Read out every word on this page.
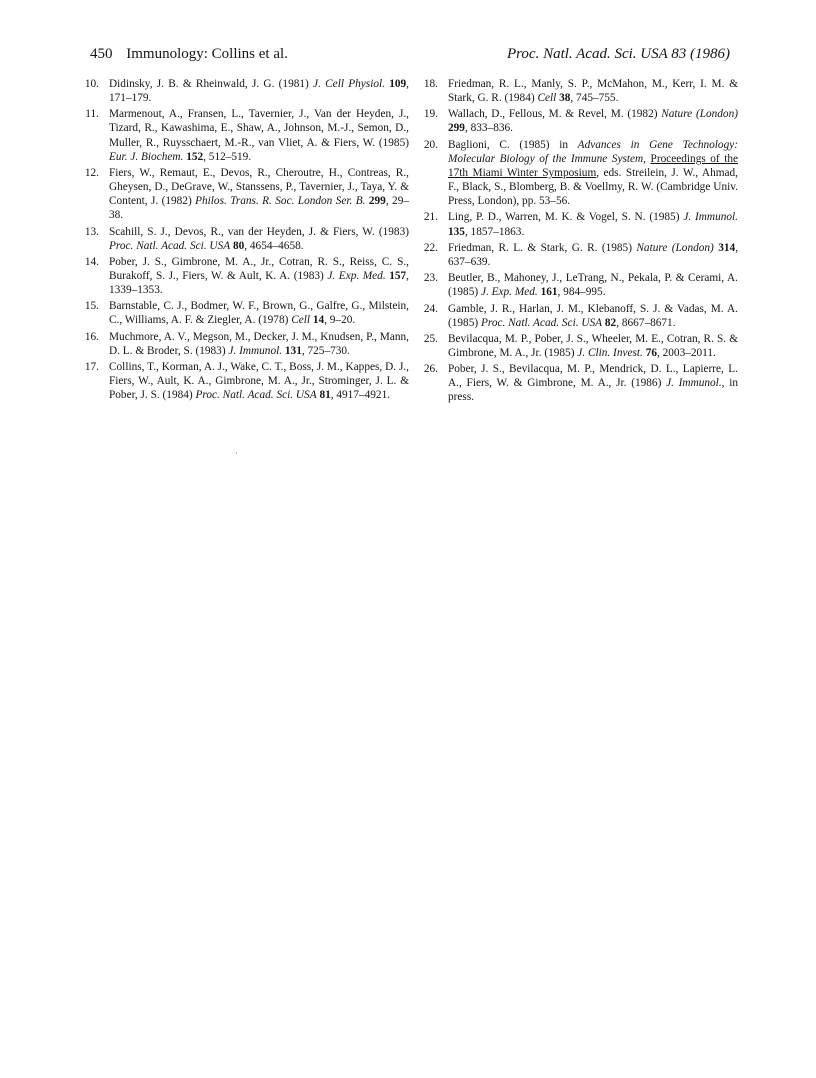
450 Immunology: Collins et al.	Proc. Natl. Acad. Sci. USA 83 (1986)
10. Didinsky, J. B. & Rheinwald, J. G. (1981) J. Cell Physiol. 109, 171–179.
11. Marmenout, A., Fransen, L., Tavernier, J., Van der Heyden, J., Tizard, R., Kawashima, E., Shaw, A., Johnson, M.-J., Semon, D., Muller, R., Ruysschaert, M.-R., van Vliet, A. & Fiers, W. (1985) Eur. J. Biochem. 152, 512–519.
12. Fiers, W., Remaut, E., Devos, R., Cheroutre, H., Contreas, R., Gheysen, D., DeGrave, W., Stanssens, P., Tavernier, J., Taya, Y. & Content, J. (1982) Philos. Trans. R. Soc. London Ser. B. 299, 29–38.
13. Scahill, S. J., Devos, R., van der Heyden, J. & Fiers, W. (1983) Proc. Natl. Acad. Sci. USA 80, 4654–4658.
14. Pober, J. S., Gimbrone, M. A., Jr., Cotran, R. S., Reiss, C. S., Burakoff, S. J., Fiers, W. & Ault, K. A. (1983) J. Exp. Med. 157, 1339–1353.
15. Barnstable, C. J., Bodmer, W. F., Brown, G., Galfre, G., Milstein, C., Williams, A. F. & Ziegler, A. (1978) Cell 14, 9–20.
16. Muchmore, A. V., Megson, M., Decker, J. M., Knudsen, P., Mann, D. L. & Broder, S. (1983) J. Immunol. 131, 725–730.
17. Collins, T., Korman, A. J., Wake, C. T., Boss, J. M., Kappes, D. J., Fiers, W., Ault, K. A., Gimbrone, M. A., Jr., Strominger, J. L. & Pober, J. S. (1984) Proc. Natl. Acad. Sci. USA 81, 4917–4921.
18. Friedman, R. L., Manly, S. P., McMahon, M., Kerr, I. M. & Stark, G. R. (1984) Cell 38, 745–755.
19. Wallach, D., Fellous, M. & Revel, M. (1982) Nature (London) 299, 833–836.
20. Baglioni, C. (1985) in Advances in Gene Technology: Molecular Biology of the Immune System, Proceedings of the 17th Miami Winter Symposium, eds. Streilein, J. W., Ahmad, F., Black, S., Blomberg, B. & Voellmy, R. W. (Cambridge Univ. Press, London), pp. 53–56.
21. Ling, P. D., Warren, M. K. & Vogel, S. N. (1985) J. Immunol. 135, 1857–1863.
22. Friedman, R. L. & Stark, G. R. (1985) Nature (London) 314, 637–639.
23. Beutler, B., Mahoney, J., LeTrang, N., Pekala, P. & Cerami, A. (1985) J. Exp. Med. 161, 984–995.
24. Gamble, J. R., Harlan, J. M., Klebanoff, S. J. & Vadas, M. A. (1985) Proc. Natl. Acad. Sci. USA 82, 8667–8671.
25. Bevilacqua, M. P., Pober, J. S., Wheeler, M. E., Cotran, R. S. & Gimbrone, M. A., Jr. (1985) J. Clin. Invest. 76, 2003–2011.
26. Pober, J. S., Bevilacqua, M. P., Mendrick, D. L., Lapierre, L. A., Fiers, W. & Gimbrone, M. A., Jr. (1986) J. Immunol., in press.
